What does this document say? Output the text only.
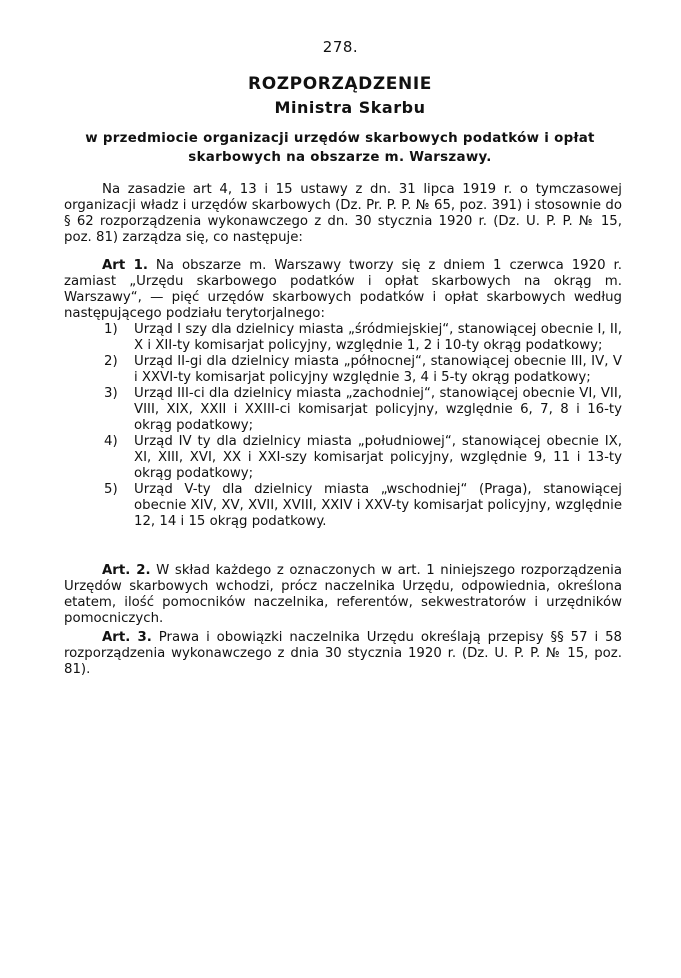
278.
ROZPORZĄDZENIE
Ministra Skarbu
w przedmiocie organizacji urzędów skarbowych podatków i opłat skarbowych na obszarze m. Warszawy.

Na zasadzie art 4, 13 i 15 ustawy z dn. 31 lipca 1919 r. o tymczasowej organizacji władz i urzędów skarbowych (Dz. Pr. P. P. № 65, poz. 391) i stosownie do § 62 rozporządzenia wykonawczego z dn. 30 stycznia 1920 r. (Dz. U. P. P. № 15, poz. 81) zarządza się, co następuje:

Art 1. Na obszarze m. Warszawy tworzy się z dniem 1 czerwca 1920 r. zamiast „Urzędu skarbowego podatków i opłat skarbowych na okrąg m. Warszawy“, — pięć urzędów skarbowych podatków i opłat skarbowych według następującego podziału terytorjalnego:

1)	Urząd I szy dla dzielnicy miasta „śródmiejskiej“, stanowiącej obecnie I, II, X i XII-ty komisarjat policyjny, względnie 1, 2 i 10-ty okrąg podatkowy;
2)	Urząd II-gi dla dzielnicy miasta „północnej“, stanowiącej obecnie III, IV, V i XXVI-ty komisarjat policyjny względnie 3, 4 i 5-ty okrąg podatkowy;
3)	Urząd III-ci dla dzielnicy miasta „zachodniej“, stanowiącej obecnie VI, VII, VIII, XIX, XXII i XXIII-ci komisarjat policyjny, względnie 6, 7, 8 i 16-ty okrąg podatkowy;
4)	Urząd IV ty dla dzielnicy miasta „południowej“, stanowiącej obecnie IX, XI, XIII, XVI, XX i XXI-szy komisarjat policyjny, względnie 9, 11 i 13-ty okrąg podatkowy;
5)	Urząd V-ty dla dzielnicy miasta „wschodniej“ (Praga), stanowiącej obecnie XIV, XV, XVII, XVIII, XXIV i XXV-ty komisarjat policyjny, względnie 12, 14 i 15 okrąg podatkowy.

Art. 2. W skład każdego z oznaczonych w art. 1 niniejszego rozporządzenia Urzędów skarbowych wchodzi, prócz naczelnika Urzędu, odpowiednia, określona etatem, ilość pomocników naczelnika, referentów, sekwestratorów i urzędników pomocniczych.

Art. 3. Prawa i obowiązki naczelnika Urzędu określają przepisy §§ 57 i 58 rozporządzenia wykonawczego z dnia 30 stycznia 1920 r. (Dz. U. P. P. № 15, poz. 81).
